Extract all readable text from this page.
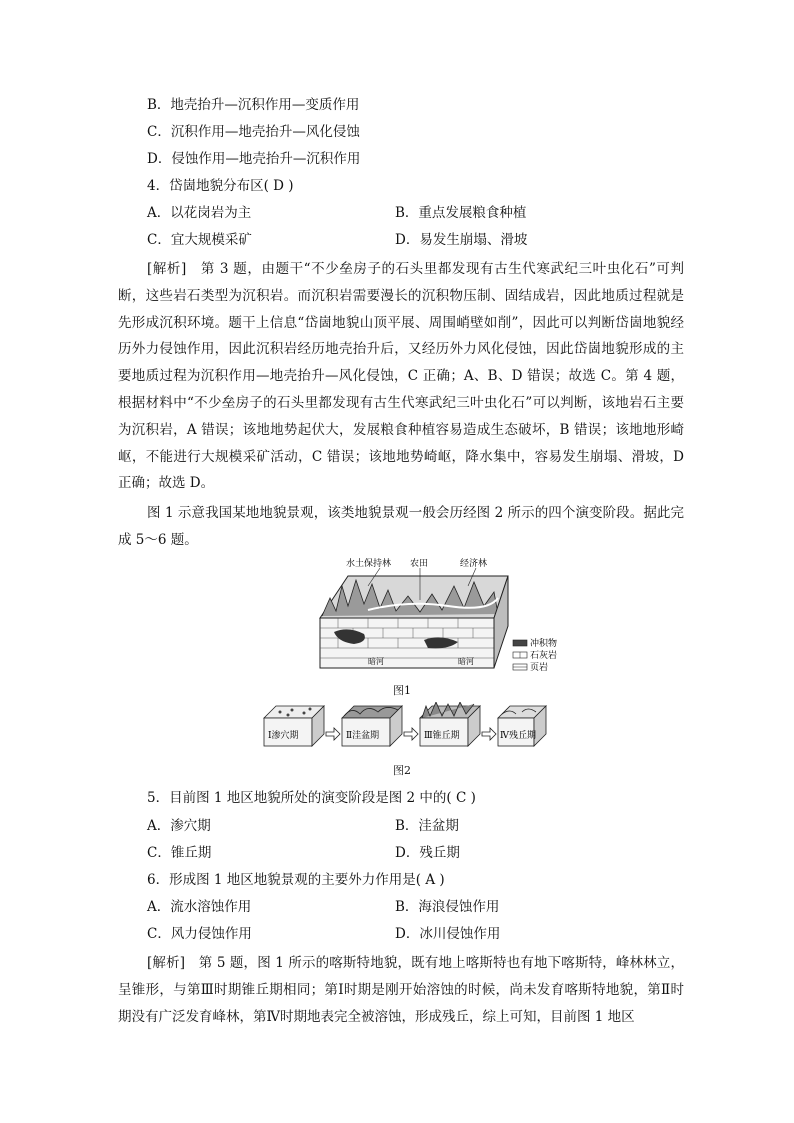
B．地壳抬升—沉积作用—变质作用
C．沉积作用—地壳抬升—风化侵蚀
D．侵蚀作用—地壳抬升—沉积作用
4．岱崮地貌分布区( D )
A．以花岗岩为主	B．重点发展粮食种植
C．宜大规模采矿	D．易发生崩塌、滑坡
[解析]　第 3 题，由题干“不少垒房子的石头里都发现有古生代寒武纪三叶虫化石”可判断，这些岩石类型为沉积岩。而沉积岩需要漫长的沉积物压制、固结成岩，因此地质过程就是先形成沉积环境。题干上信息“岱崮地貌山顶平展、周围峭壁如削”，因此可以判断岱崮地貌经历外力侵蚀作用，因此沉积岩经历地壳抬升后，又经历外力风化侵蚀，因此岱崮地貌形成的主要地质过程为沉积作用—地壳抬升—风化侵蚀，C 正确；A、B、D 错误；故选 C。第 4 题，根据材料中“不少垒房子的石头里都发现有古生代寒武纪三叶虫化石”可以判断，该地岩石主要为沉积岩，A 错误；该地地势起伏大，发展粮食种植容易造成生态破坏，B 错误；该地地形崎岖，不能进行大规模采矿活动，C 错误；该地地势崎岖，降水集中，容易发生崩塌、滑坡，D 正确；故选 D。
图 1 示意我国某地地貌景观，该类地貌景观一般会历经图 2 所示的四个演变阶段。据此完成 5～6 题。
冲积物
石灰岩
页岩
水土保持林 农田	经济林
暗河	暗河
图1
Ⅰ渗穴期	Ⅱ洼盆期	Ⅲ锥丘期	Ⅳ残丘期
图2
5．目前图 1 地区地貌所处的演变阶段是图 2 中的( C )
A．渗穴期	B．洼盆期
C．锥丘期	D．残丘期
6．形成图 1 地区地貌景观的主要外力作用是( A )
A．流水溶蚀作用	B．海浪侵蚀作用
C．风力侵蚀作用	D．冰川侵蚀作用
[解析]　第 5 题，图 1 所示的喀斯特地貌，既有地上喀斯特也有地下喀斯特，峰林林立，呈锥形，与第Ⅲ时期锥丘期相同；第Ⅰ时期是刚开始溶蚀的时候，尚未发育喀斯特地貌，第Ⅱ时期没有广泛发育峰林，第Ⅳ时期地表完全被溶蚀，形成残丘，综上可知，目前图 1 地区
